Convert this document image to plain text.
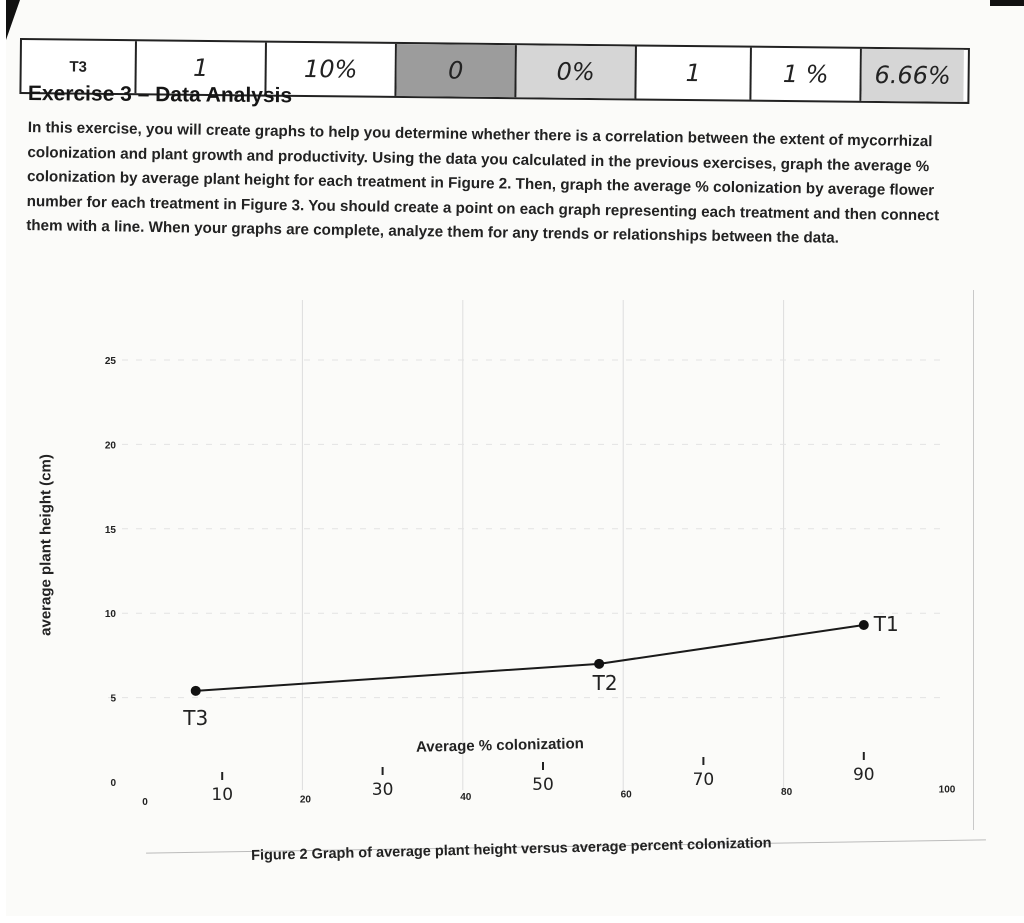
T3	1	10%	0	0%	1	1 %	6.66%
Exercise 3 – Data Analysis

In this exercise, you will create graphs to help you determine whether there is a correlation between the extent of mycorrhizal colonization and plant growth and productivity. Using the data you calculated in the previous exercises, graph the average % colonization by average plant height for each treatment in Figure 2. Then, graph the average % colonization by average flower number for each treatment in Figure 3. You should create a point on each graph representing each treatment and then connect them with a line. When your graphs are complete, analyze them for any trends or relationships between the data.

0
5
10
15
20
25
0	20	40	60	80	100
10	30	50	70	90
T3
T2
T1
average plant height (cm)
Average % colonization
Figure 2 Graph of average plant height versus average percent colonization
